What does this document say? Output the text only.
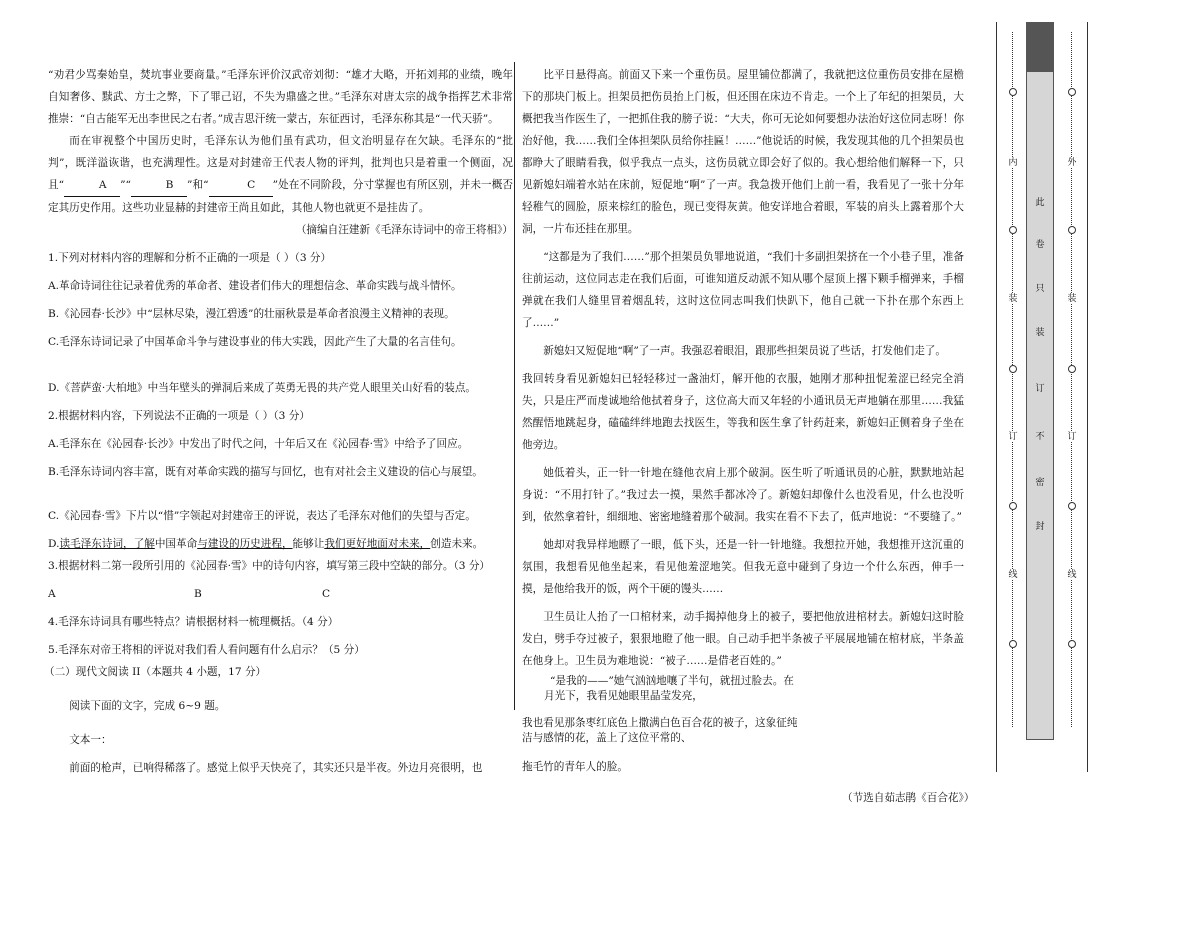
“劝君少骂秦始皇，焚坑事业要商量。”毛泽东评价汉武帝刘彻：“雄才大略，开拓刘邦的业绩，晚年自知奢侈、黩武、方士之弊，下了罪己诏，不失为鼎盛之世。”毛泽东对唐太宗的战争指挥艺术非常推崇：“自古能军无出李世民之右者。”成吉思汗统一蒙古，东征西讨，毛泽东称其是“一代天骄”。

而在审视整个中国历史时，毛泽东认为他们虽有武功，但文治明显存在欠缺。毛泽东的“批判”，既洋溢诙谐，也充满理性。这是对封建帝王代表人物的评判，批判也只是着重一个侧面，况且“	A ”“	B ”和“	C ”处在不同阶段，分寸掌握也有所区别，并未一概否定其历史作用。这些功业显赫的封建帝王尚且如此，其他人物也就更不是挂齿了。

（摘编自汪建新《毛泽东诗词中的帝王将相》）

1.下列对材料内容的理解和分析不正确的一项是（ ）（3 分）

A.革命诗词往往记录着优秀的革命者、建设者们伟大的理想信念、革命实践与战斗情怀。

B.《沁园春·长沙》中“层林尽染，漫江碧透”的壮丽秋景是革命者浪漫主义精神的表现。

C.毛泽东诗词记录了中国革命斗争与建设事业的伟大实践，因此产生了大量的名言佳句。

D.《菩萨蛮·大柏地》中当年壁头的弹洞后来成了英勇无畏的共产党人眼里关山好看的装点。

2.根据材料内容，下列说法不正确的一项是（ ）（3 分）

A.毛泽东在《沁园春·长沙》中发出了时代之问，十年后又在《沁园春·雪》中给予了回应。

B.毛泽东诗词内容丰富，既有对革命实践的描写与回忆，也有对社会主义建设的信心与展望。

C.《沁园春·雪》下片以“惜”字领起对封建帝王的评说，表达了毛泽东对他们的失望与否定。

D.读毛泽东诗词，了解中国革命与建设的历史进程，能够让我们更好地面对未来，创造未来。

3.根据材料二第一段所引用的《沁园春·雪》中的诗句内容，填写第三段中空缺的部分。（3 分）

A	B	C

4.毛泽东诗词具有哪些特点？请根据材料一梳理概括。（4 分）

5.毛泽东对帝王将相的评说对我们看人看问题有什么启示？（5 分）

（二）现代文阅读 II（本题共 4 小题，17 分）

阅读下面的文字，完成 6~9 题。

文本一：

前面的枪声，已响得稀落了。感觉上似乎天快亮了，其实还只是半夜。外边月亮很明，也

比平日悬得高。前面又下来一个重伤员。屋里铺位都满了，我就把这位重伤员安排在屋檐下的那块门板上。担架员把伤员抬上门板，但还围在床边不肯走。一个上了年纪的担架员，大概把我当作医生了，一把抓住我的膀子说：“大夫，你可无论如何要想办法治好这位同志呀！你治好他，我……我们全体担架队员给你挂匾！……”他说话的时候，我发现其他的几个担架员也都睁大了眼睛看我，似乎我点一点头，这伤员就立即会好了似的。我心想给他们解释一下，只见新媳妇端着水站在床前，短促地“啊”了一声。我急拨开他们上前一看，我看见了一张十分年轻稚气的圆脸，原来棕红的脸色，现已变得灰黄。他安详地合着眼，军装的肩头上露着那个大洞，一片布还挂在那里。

“这都是为了我们……”那个担架员负罪地说道，“我们十多副担架挤在一个小巷子里，准备往前运动，这位同志走在我们后面，可谁知道反动派不知从哪个屋顶上撂下颗手榴弹来，手榴弹就在我们人缝里冒着烟乱转，这时这位同志叫我们快趴下，他自己就一下扑在那个东西上了……”

新媳妇又短促地“啊”了一声。我强忍着眼泪，跟那些担架员说了些话，打发他们走了。

我回转身看见新媳妇已轻轻移过一盏油灯，解开他的衣服，她刚才那种扭怩羞涩已经完全消失，只是庄严而虔诚地给他拭着身子，这位高大而又年轻的小通讯员无声地躺在那里……我猛然醒悟地跳起身，磕磕绊绊地跑去找医生，等我和医生拿了针药赶来，新媳妇正侧着身子坐在他旁边。

她低着头，正一针一针地在缝他衣肩上那个破洞。医生听了听通讯员的心脏，默默地站起身说：“不用打针了。”我过去一摸，果然手都冰冷了。新媳妇却像什么也没看见，什么也没听到，依然拿着针，细细地、密密地缝着那个破洞。我实在看不下去了，低声地说：“不要缝了。”

她却对我异样地瞟了一眼，低下头，还是一针一针地缝。我想拉开她，我想推开这沉重的氛围，我想看见他坐起来，看见他羞涩地笑。但我无意中碰到了身边一个什么东西，伸手一摸，是他给我开的饭，两个干硬的馒头……

卫生员让人抬了一口棺材来，动手揭掉他身上的被子，要把他放进棺材去。新媳妇这时脸发白，劈手夺过被子，狠狠地瞪了他一眼。自己动手把半条被子平展展地铺在棺材底，半条盖在他身上。卫生员为难地说：“被子……是借老百姓的。”

“是我的——”她气汹汹地嚷了半句，就扭过脸去。在

月光下，我看见她眼里晶莹发亮，

我也看见那条枣红底色上撒满白色百合花的被子，这象征纯

洁与感情的花，盖上了这位平常的、

拖毛竹的青年人的脸。

（节选自茹志鹃《百合花》）

内
装
订
线
外
装
订
线
此
卷
只
装
订
不
密
封
